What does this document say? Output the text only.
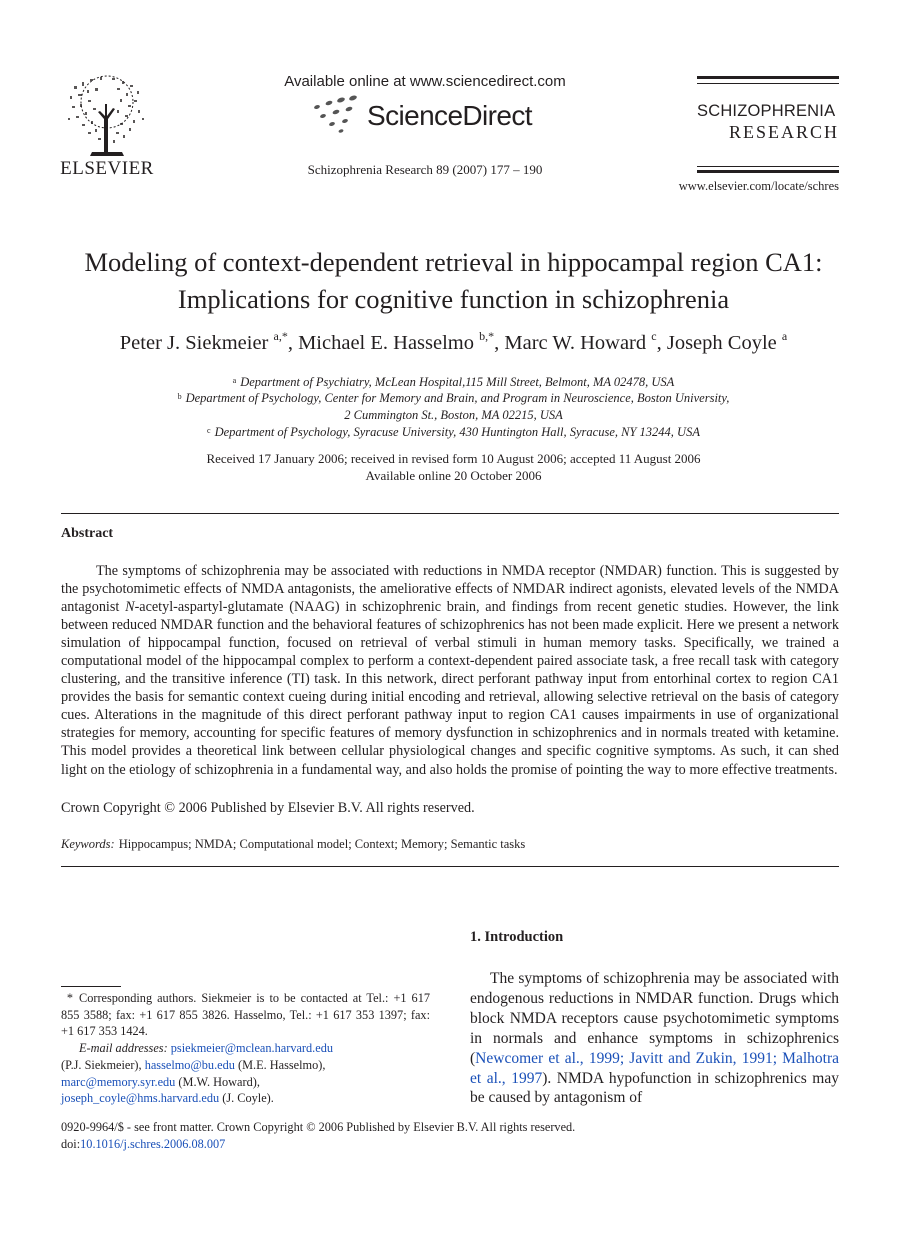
ELSEVIER
Available online at www.sciencedirect.com
ScienceDirect
Schizophrenia Research 89 (2007) 177 – 190
SCHIZOPHRENIA
RESEARCH
www.elsevier.com/locate/schres
Modeling of context-dependent retrieval in hippocampal region CA1:
Implications for cognitive function in schizophrenia
Peter J. Siekmeier $^{a,*}$, Michael E. Hasselmo $^{b,*}$, Marc W. Howard $^c$, Joseph Coyle $^a$
$^a$ Department of Psychiatry, McLean Hospital,115 Mill Street, Belmont, MA 02478, USA
$^b$ Department of Psychology, Center for Memory and Brain, and Program in Neuroscience, Boston University,
2 Cummington St., Boston, MA 02215, USA
$^c$ Department of Psychology, Syracuse University, 430 Huntington Hall, Syracuse, NY 13244, USA
Received 17 January 2006; received in revised form 10 August 2006; accepted 11 August 2006
Available online 20 October 2006
Abstract
The symptoms of schizophrenia may be associated with reductions in NMDA receptor (NMDAR) function. This is suggested by the psychotomimetic effects of NMDA antagonists, the ameliorative effects of NMDAR indirect agonists, elevated levels of the NMDA antagonist N-acetyl-aspartyl-glutamate (NAAG) in schizophrenic brain, and findings from recent genetic studies. However, the link between reduced NMDAR function and the behavioral features of schizophrenics has not been made explicit. Here we present a network simulation of hippocampal function, focused on retrieval of verbal stimuli in human memory tasks. Specifically, we trained a computational model of the hippocampal complex to perform a context-dependent paired associate task, a free recall task with category clustering, and the transitive inference (TI) task. In this network, direct perforant pathway input from entorhinal cortex to region CA1 provides the basis for semantic context cueing during initial encoding and retrieval, allowing selective retrieval on the basis of category cues. Alterations in the magnitude of this direct perforant pathway input to region CA1 causes impairments in use of organizational strategies for memory, accounting for specific features of memory dysfunction in schizophrenics and in normals treated with ketamine. This model provides a theoretical link between cellular physiological changes and specific cognitive symptoms. As such, it can shed light on the etiology of schizophrenia in a fundamental way, and also holds the promise of pointing the way to more effective treatments.
Crown Copyright © 2006 Published by Elsevier B.V. All rights reserved.
Keywords: Hippocampus; NMDA; Computational model; Context; Memory; Semantic tasks
1. Introduction
The symptoms of schizophrenia may be associated with endogenous reductions in NMDAR function. Drugs which block NMDA receptors cause psychotomimetic symptoms in normals and enhance symptoms in schizophrenics (Newcomer et al., 1999; Javitt and Zukin, 1991; Malhotra et al., 1997). NMDA hypofunction in schizophrenics may be caused by antagonism of
* Corresponding authors. Siekmeier is to be contacted at Tel.: +1 617 855 3588; fax: +1 617 855 3826. Hasselmo, Tel.: +1 617 353 1397; fax: +1 617 353 1424.
E-mail addresses: psiekmeier@mclean.harvard.edu
(P.J. Siekmeier), hasselmo@bu.edu (M.E. Hasselmo),
marc@memory.syr.edu (M.W. Howard),
joseph_coyle@hms.harvard.edu (J. Coyle).
0920-9964/$ - see front matter. Crown Copyright © 2006 Published by Elsevier B.V. All rights reserved.
doi:10.1016/j.schres.2006.08.007
